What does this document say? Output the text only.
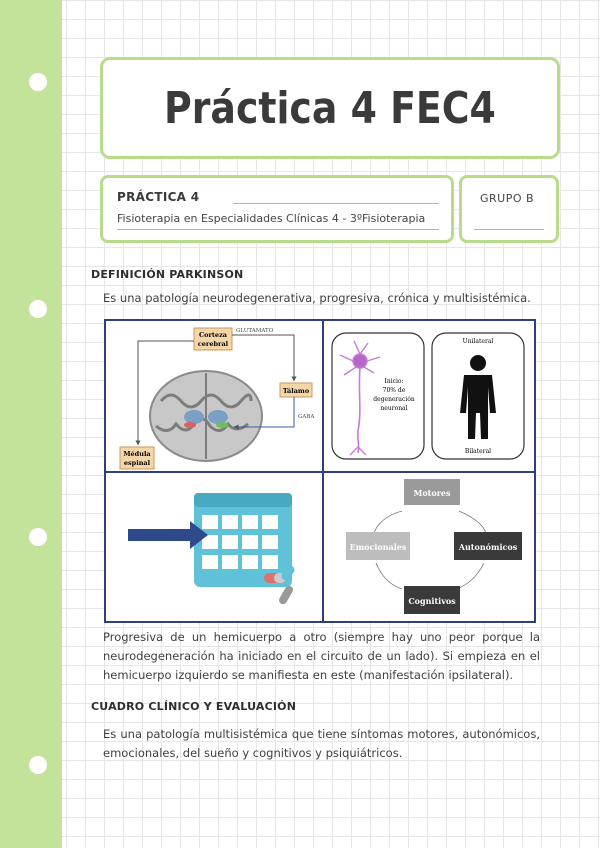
Práctica 4 FEC4
PRÁCTICA 4
Fisioterapia en Especialidades Clínicas 4 - 3ºFisioterapia
GRUPO B
DEFINICIÓN PARKINSON
Es una patología neurodegenerativa, progresiva, crónica y multisistémica.
Corteza
cerebral
GLUTAMATO
Tálamo
GABA
Médula
espinal
Inicio:
70% de
degeneración
neuronal
Unilateral
Bilateral
Motores
Autonómicos
Cognitivos
Emocionales
Progresiva de un hemicuerpo a otro (siempre hay uno peor porque la neurodegeneración ha iniciado en el circuito de un lado). Si empieza en el hemicuerpo izquierdo se manifiesta en este (manifestación ipsilateral).
CUADRO CLÍNICO Y EVALUACIÓN
Es una patología multisistémica que tiene síntomas motores, autonómicos, emocionales, del sueño y cognitivos y psiquiátricos.
